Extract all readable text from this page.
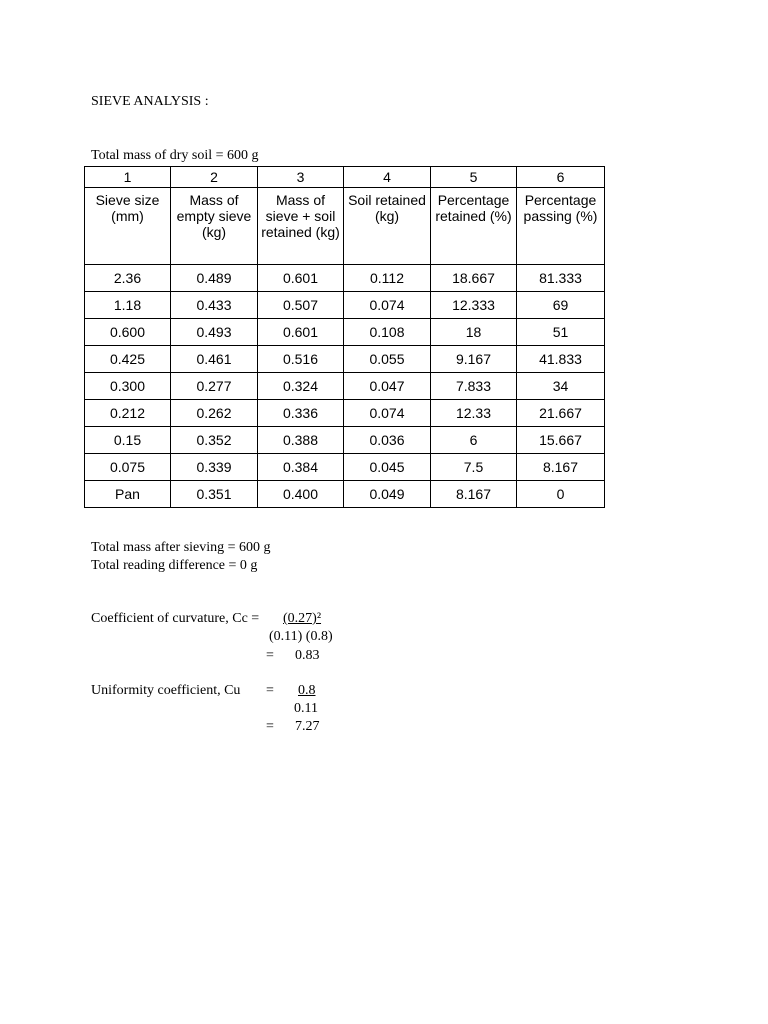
SIEVE ANALYSIS :
Total mass of dry soil = 600 g
1	2	3	4	5	6
Sieve size (mm)	Mass of empty sieve (kg)	Mass of sieve + soil retained (kg)	Soil retained (kg)	Percentage retained (%)	Percentage passing (%)
2.36	0.489	0.601	0.112	18.667	81.333
1.18	0.433	0.507	0.074	12.333	69
0.600	0.493	0.601	0.108	18	51
0.425	0.461	0.516	0.055	9.167	41.833
0.300	0.277	0.324	0.047	7.833	34
0.212	0.262	0.336	0.074	12.33	21.667
0.15	0.352	0.388	0.036	6	15.667
0.075	0.339	0.384	0.045	7.5	8.167
Pan	0.351	0.400	0.049	8.167	0
Total mass after sieving = 600 g
Total reading difference = 0 g
Coefficient of curvature, Cc = (0.27)²
(0.11) (0.8)
= 0.83
Uniformity coefficient, Cu = 0.8
0.11
= 7.27
